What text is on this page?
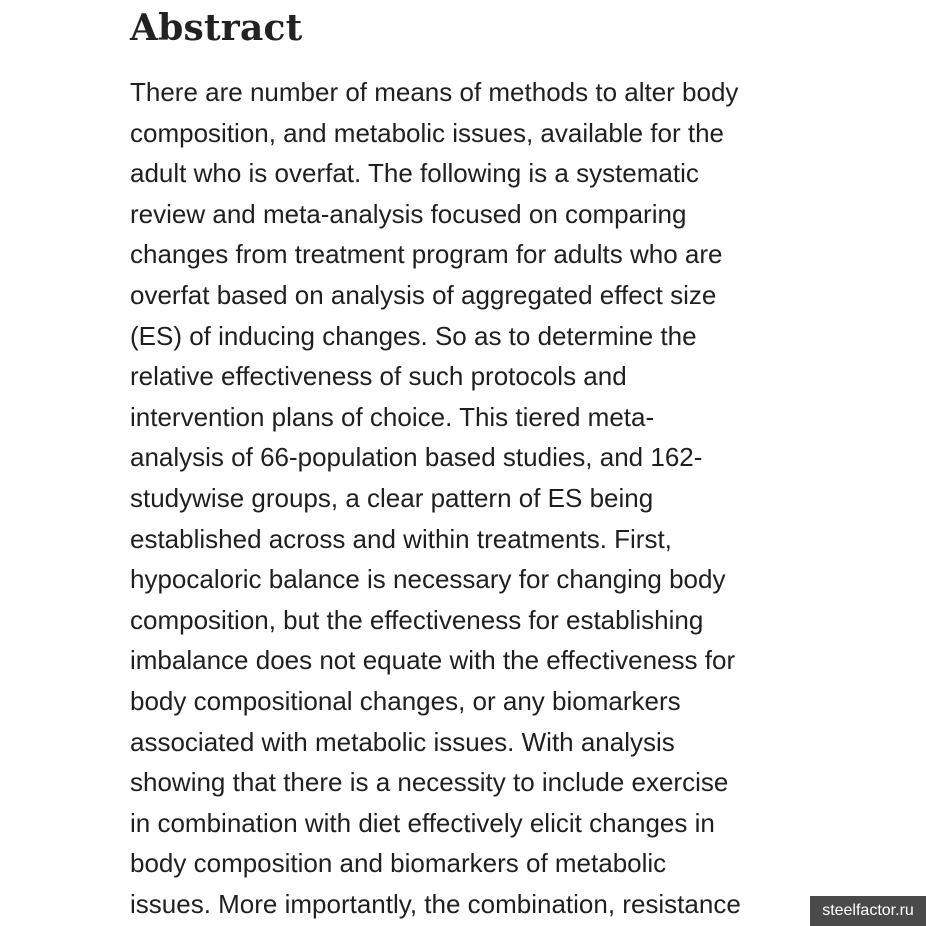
Abstract
There are number of means of methods to alter body
composition, and metabolic issues, available for the
adult who is overfat. The following is a systematic
review and meta-analysis focused on comparing
changes from treatment program for adults who are
overfat based on analysis of aggregated effect size
(ES) of inducing changes. So as to determine the
relative effectiveness of such protocols and
intervention plans of choice. This tiered meta-
analysis of 66-population based studies, and 162-
studywise groups, a clear pattern of ES being
established across and within treatments. First,
hypocaloric balance is necessary for changing body
composition, but the effectiveness for establishing
imbalance does not equate with the effectiveness for
body compositional changes, or any biomarkers
associated with metabolic issues. With analysis
showing that there is a necessity to include exercise
in combination with diet effectively elicit changes in
body composition and biomarkers of metabolic
issues. More importantly, the combination, resistance	steelfactor.ru
